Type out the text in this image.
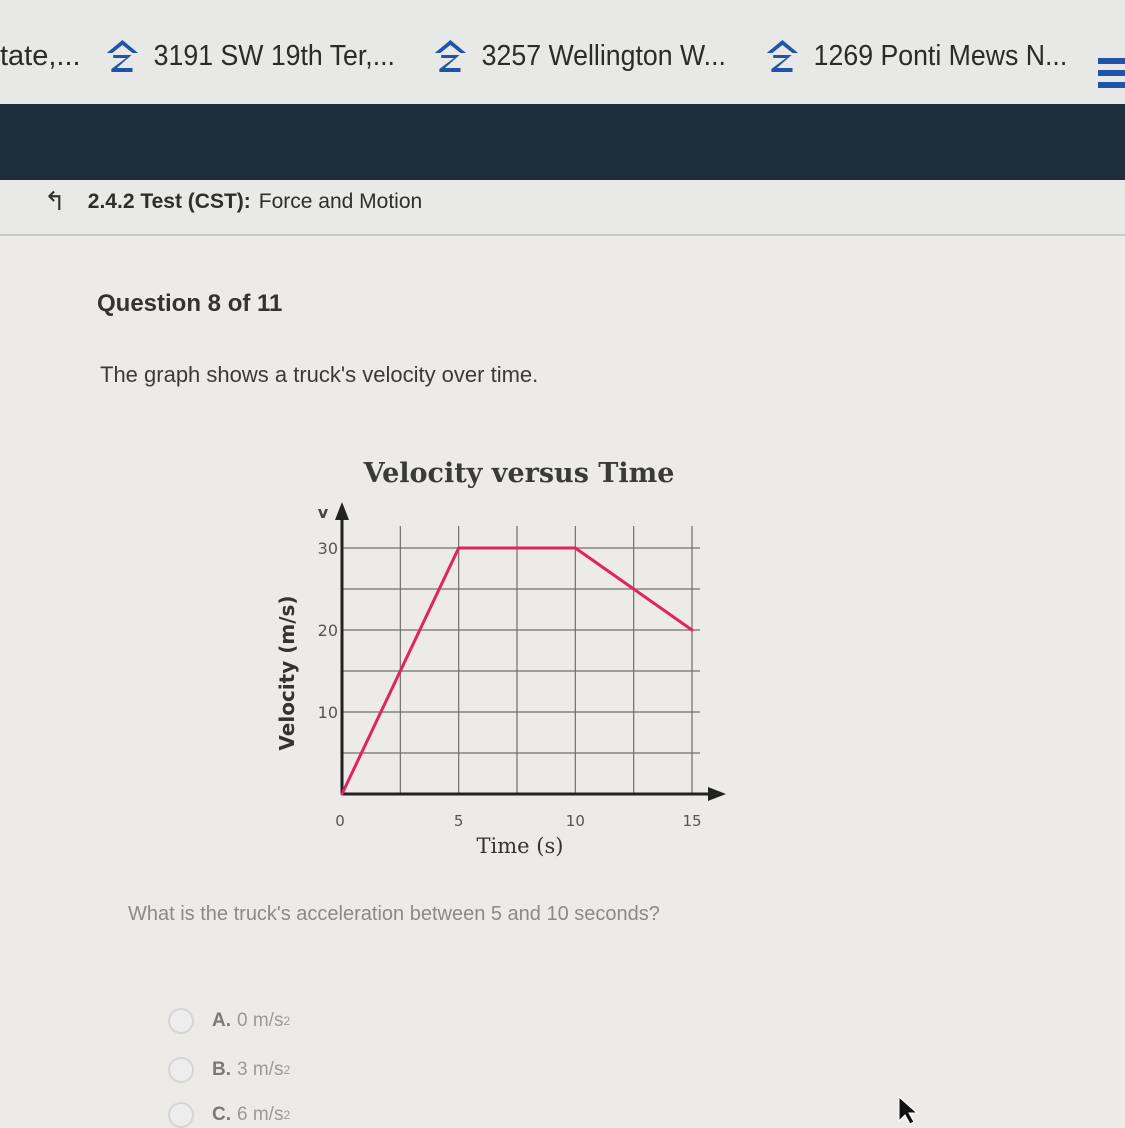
tate,...	3191 SW 19th Ter,...	3257 Wellington W...	1269 Ponti Mews N...
↰ 2.4.2 Test (CST): Force and Motion
Question 8 of 11
The graph shows a truck's velocity over time.
Velocity versus Time
0	5	10	15
10
20
30
v
Time (s)
Velocity (m/s)
What is the truck's acceleration between 5 and 10 seconds?
A. 0 m/s 2
B. 3 m/s 2
C. 6 m/s 2
